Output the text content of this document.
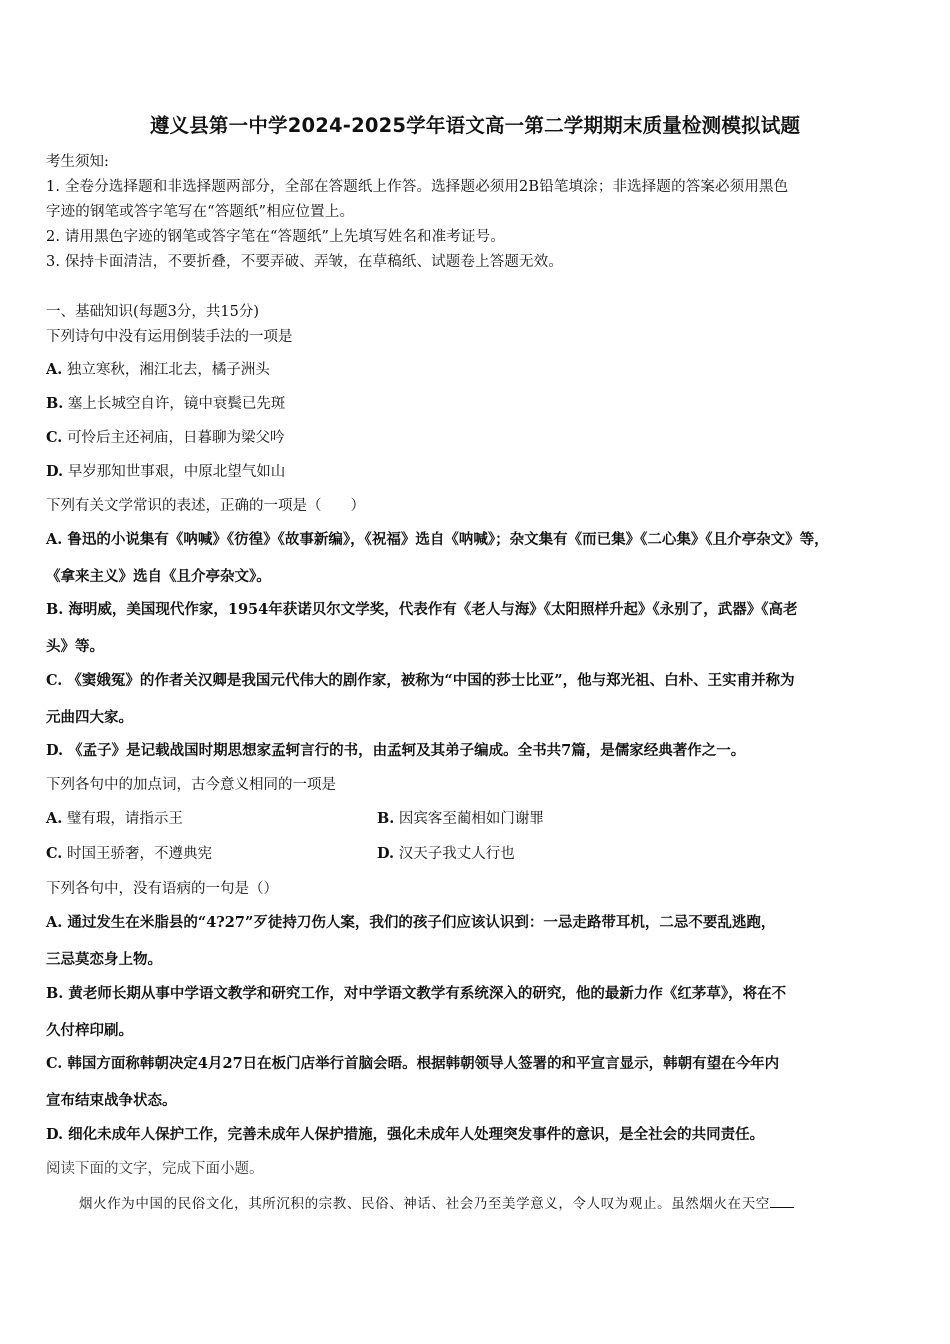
遵义县第一中学2024-2025学年语文高一第二学期期末质量检测模拟试题
考生须知:
1. 全卷分选择题和非选择题两部分，全部在答题纸上作答。选择题必须用2B铅笔填涂；非选择题的答案必须用黑色
字迹的钢笔或答字笔写在“答题纸”相应位置上。
2. 请用黑色字迹的钢笔或答字笔在“答题纸”上先填写姓名和准考证号。
3. 保持卡面清洁，不要折叠，不要弄破、弄皱，在草稿纸、试题卷上答题无效。
一、基础知识(每题3分，共15分)
下列诗句中没有运用倒装手法的一项是
A. 独立寒秋，湘江北去，橘子洲头
B. 塞上长城空自许，镜中衰鬓已先斑
C. 可怜后主还祠庙，日暮聊为梁父吟
D. 早岁那知世事艰，中原北望气如山
下列有关文学常识的表述，正确的一项是（　　）
A. 鲁迅的小说集有《呐喊》《彷徨》《故事新编》，《祝福》选自《呐喊》；杂文集有《而已集》《二心集》《且介亭杂文》等，
《拿来主义》选自《且介亭杂文》。
B. 海明威，美国现代作家，1954年获诺贝尔文学奖，代表作有《老人与海》《太阳照样升起》《永别了，武器》《高老
头》等。
C. 《窦娥冤》的作者关汉卿是我国元代伟大的剧作家，被称为“中国的莎士比亚”，他与郑光祖、白朴、王实甫并称为
元曲四大家。
D. 《孟子》是记载战国时期思想家孟轲言行的书，由孟轲及其弟子编成。全书共7篇，是儒家经典著作之一。
下列各句中的加点词，古今意义相同的一项是
A. 璧有瑕，请指示王	B. 因宾客至蔺相如门谢罪
C. 时国王骄奢，不遵典宪	D. 汉天子我丈人行也
下列各句中，没有语病的一句是（）
A. 通过发生在米脂县的“4?27”歹徒持刀伤人案，我们的孩子们应该认识到：一忌走路带耳机，二忌不要乱逃跑，
三忌莫恋身上物。
B. 黄老师长期从事中学语文教学和研究工作，对中学语文教学有系统深入的研究，他的最新力作《红茅草》，将在不
久付梓印刷。
C. 韩国方面称韩朝决定4月27日在板门店举行首脑会晤。根据韩朝领导人签署的和平宣言显示，韩朝有望在今年内
宣布结束战争状态。
D. 细化未成年人保护工作，完善未成年人保护措施，强化未成年人处理突发事件的意识，是全社会的共同责任。
阅读下面的文字，完成下面小题。
烟火作为中国的民俗文化，其所沉积的宗教、民俗、神话、社会乃至美学意义，令人叹为观止。虽然烟火在天空
